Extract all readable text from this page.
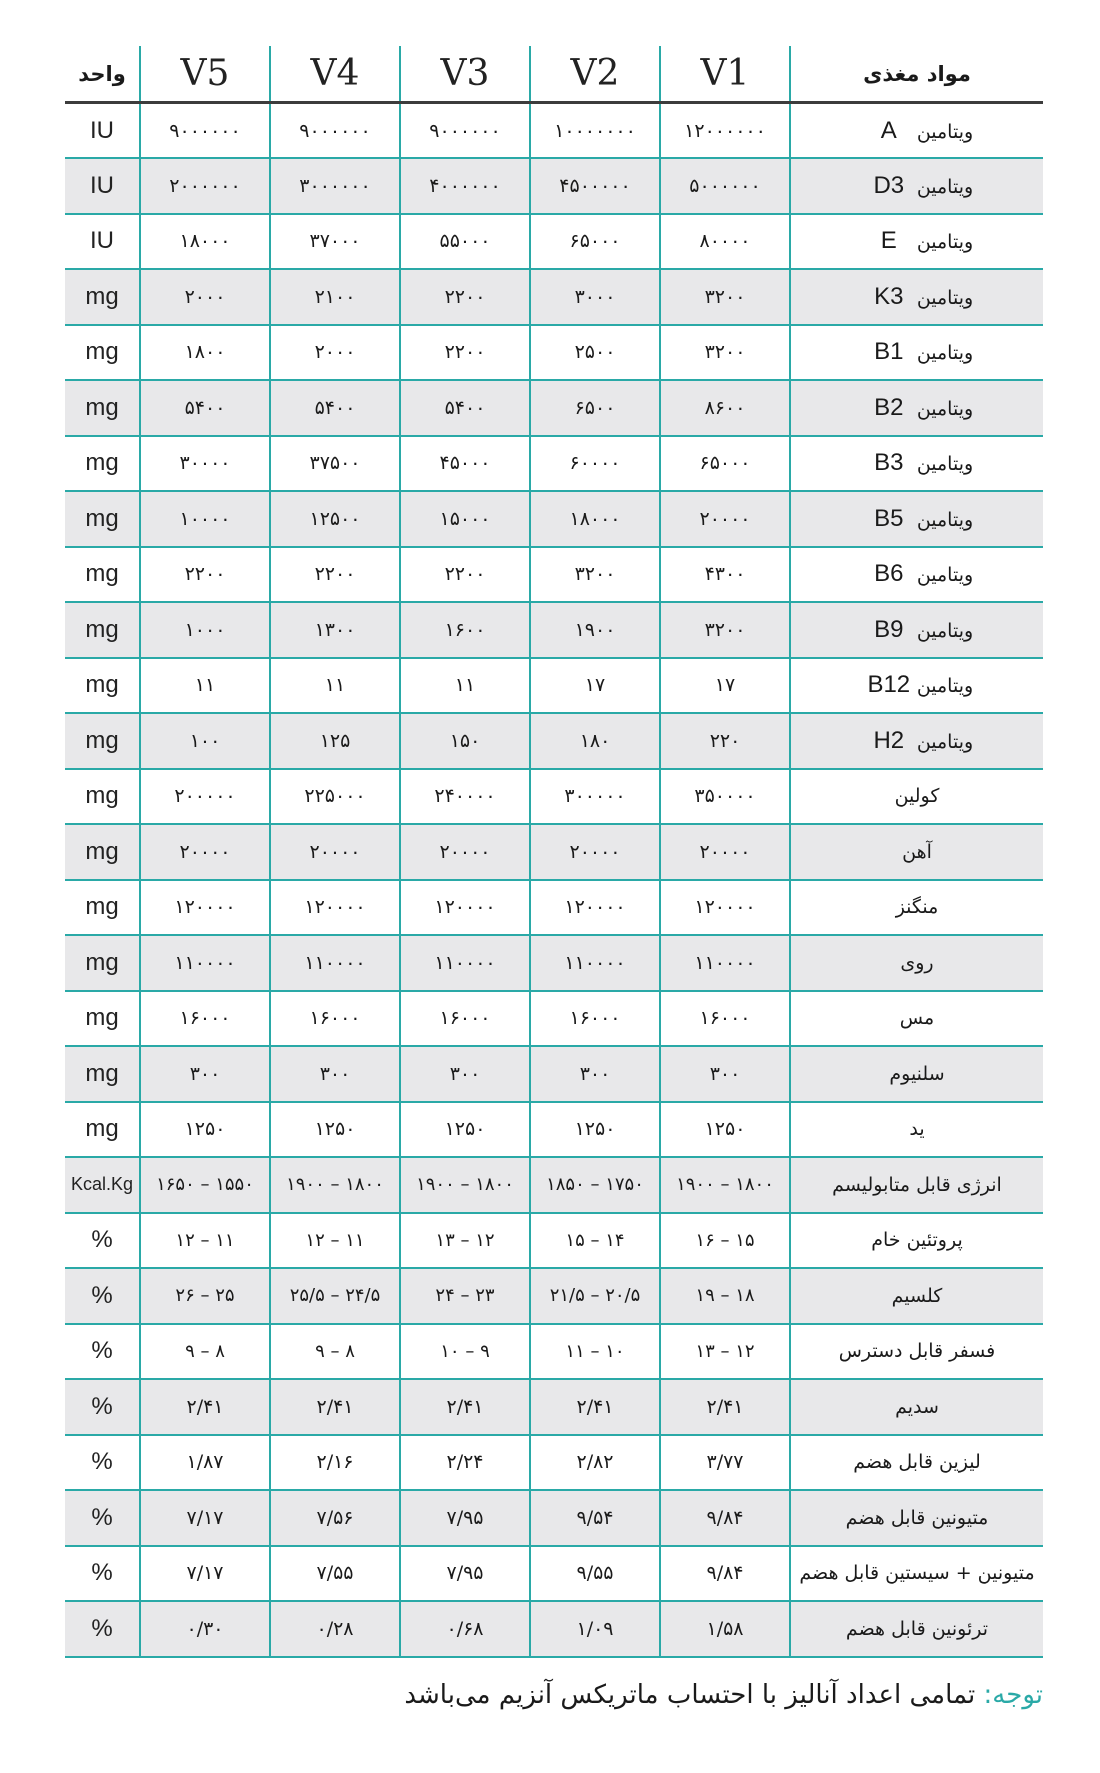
واحد	V5	V4	V3	V2	V1	مواد مغذی
IU	۹۰۰۰۰۰۰	۹۰۰۰۰۰۰	۹۰۰۰۰۰۰	۱۰۰۰۰۰۰۰	۱۲۰۰۰۰۰۰	ویتامینA
IU	۲۰۰۰۰۰۰	۳۰۰۰۰۰۰	۴۰۰۰۰۰۰	۴۵۰۰۰۰۰	۵۰۰۰۰۰۰	ویتامینD3
IU	۱۸۰۰۰	۳۷۰۰۰	۵۵۰۰۰	۶۵۰۰۰	۸۰۰۰۰	ویتامینE
mg	۲۰۰۰	۲۱۰۰	۲۲۰۰	۳۰۰۰	۳۲۰۰	ویتامینK3
mg	۱۸۰۰	۲۰۰۰	۲۲۰۰	۲۵۰۰	۳۲۰۰	ویتامینB1
mg	۵۴۰۰	۵۴۰۰	۵۴۰۰	۶۵۰۰	۸۶۰۰	ویتامینB2
mg	۳۰۰۰۰	۳۷۵۰۰	۴۵۰۰۰	۶۰۰۰۰	۶۵۰۰۰	ویتامینB3
mg	۱۰۰۰۰	۱۲۵۰۰	۱۵۰۰۰	۱۸۰۰۰	۲۰۰۰۰	ویتامینB5
mg	۲۲۰۰	۲۲۰۰	۲۲۰۰	۳۲۰۰	۴۳۰۰	ویتامینB6
mg	۱۰۰۰	۱۳۰۰	۱۶۰۰	۱۹۰۰	۳۲۰۰	ویتامینB9
mg	۱۱	۱۱	۱۱	۱۷	۱۷	ویتامینB12
mg	۱۰۰	۱۲۵	۱۵۰	۱۸۰	۲۲۰	ویتامینH2
mg	۲۰۰۰۰۰	۲۲۵۰۰۰	۲۴۰۰۰۰	۳۰۰۰۰۰	۳۵۰۰۰۰	کولین
mg	۲۰۰۰۰	۲۰۰۰۰	۲۰۰۰۰	۲۰۰۰۰	۲۰۰۰۰	آهن
mg	۱۲۰۰۰۰	۱۲۰۰۰۰	۱۲۰۰۰۰	۱۲۰۰۰۰	۱۲۰۰۰۰	منگنز
mg	۱۱۰۰۰۰	۱۱۰۰۰۰	۱۱۰۰۰۰	۱۱۰۰۰۰	۱۱۰۰۰۰	روی
mg	۱۶۰۰۰	۱۶۰۰۰	۱۶۰۰۰	۱۶۰۰۰	۱۶۰۰۰	مس
mg	۳۰۰	۳۰۰	۳۰۰	۳۰۰	۳۰۰	سلنیوم
mg	۱۲۵۰	۱۲۵۰	۱۲۵۰	۱۲۵۰	۱۲۵۰	ید
Kcal.Kg	۱۵۵۰ – ۱۶۵۰	۱۸۰۰ – ۱۹۰۰	۱۸۰۰ – ۱۹۰۰	۱۷۵۰ – ۱۸۵۰	۱۸۰۰ – ۱۹۰۰	انرژی قابل متابولیسم
%	۱۱ – ۱۲	۱۱ – ۱۲	۱۲ – ۱۳	۱۴ – ۱۵	۱۵ – ۱۶	پروتئین خام
%	۲۵ – ۲۶	۲۴/۵ – ۲۵/۵	۲۳ – ۲۴	۲۰/۵ – ۲۱/۵	۱۸ – ۱۹	کلسیم
%	۸ – ۹	۸ – ۹	۹ – ۱۰	۱۰ – ۱۱	۱۲ – ۱۳	فسفر قابل دسترس
%	۲/۴۱	۲/۴۱	۲/۴۱	۲/۴۱	۲/۴۱	سدیم
%	۱/۸۷	۲/۱۶	۲/۲۴	۲/۸۲	۳/۷۷	لیزین قابل هضم
%	۷/۱۷	۷/۵۶	۷/۹۵	۹/۵۴	۹/۸۴	متیونین قابل هضم
%	۷/۱۷	۷/۵۵	۷/۹۵	۹/۵۵	۹/۸۴	متیونین + سیستین قابل هضم
%	۰/۳۰	۰/۲۸	۰/۶۸	۱/۰۹	۱/۵۸	ترئونین قابل هضم
توجه: تمامی اعداد آنالیز با احتساب ماتریکس آنزیم می‌باشد
